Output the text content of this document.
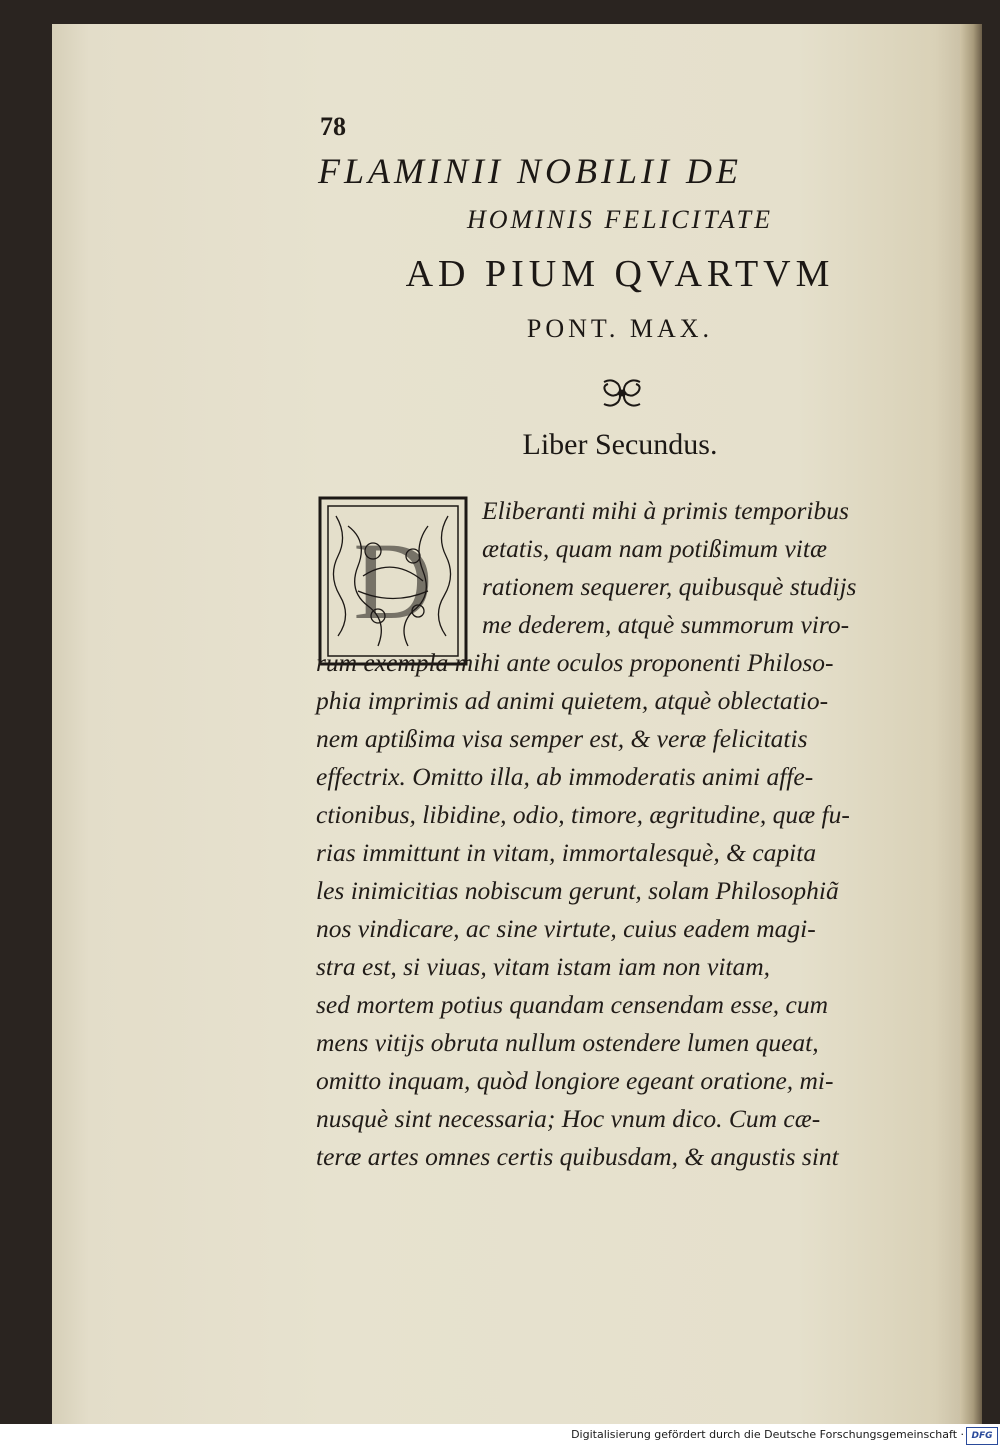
78
FLAMINII NOBILII DE
HOMINIS FELICITATE
AD PIUM QVARTVM
PONT. MAX.
Liber Secundus.
D
Eliberanti mihi à primis temporibus
ætatis, quam nam potißimum vitæ
rationem sequerer, quibusquè studijs
me dederem, atquè summorum viro-
rum exempla mihi ante oculos proponenti Philoso-
phia imprimis ad animi quietem, atquè oblectatio-
nem aptißima visa semper est, & veræ felicitatis
effectrix. Omitto illa, ab immoderatis animi affe-
ctionibus, libidine, odio, timore, ægritudine, quæ fu-
rias immittunt in vitam, immortalesquè, & capita
les inimicitias nobiscum gerunt, solam Philosophiã
nos vindicare, ac sine virtute, cuius eadem magi-
stra est, si viuas, vitam istam iam non vitam,
sed mortem potius quandam censendam esse, cum
mens vitijs obruta nullum ostendere lumen queat,
omitto inquam, quòd longiore egeant oratione, mi-
nusquè sint necessaria; Hoc vnum dico. Cum cæ-
teræ artes omnes certis quibusdam, & angustis sint
Digitalisierung gefördert durch die Deutsche Forschungsgemeinschaft · DFG
